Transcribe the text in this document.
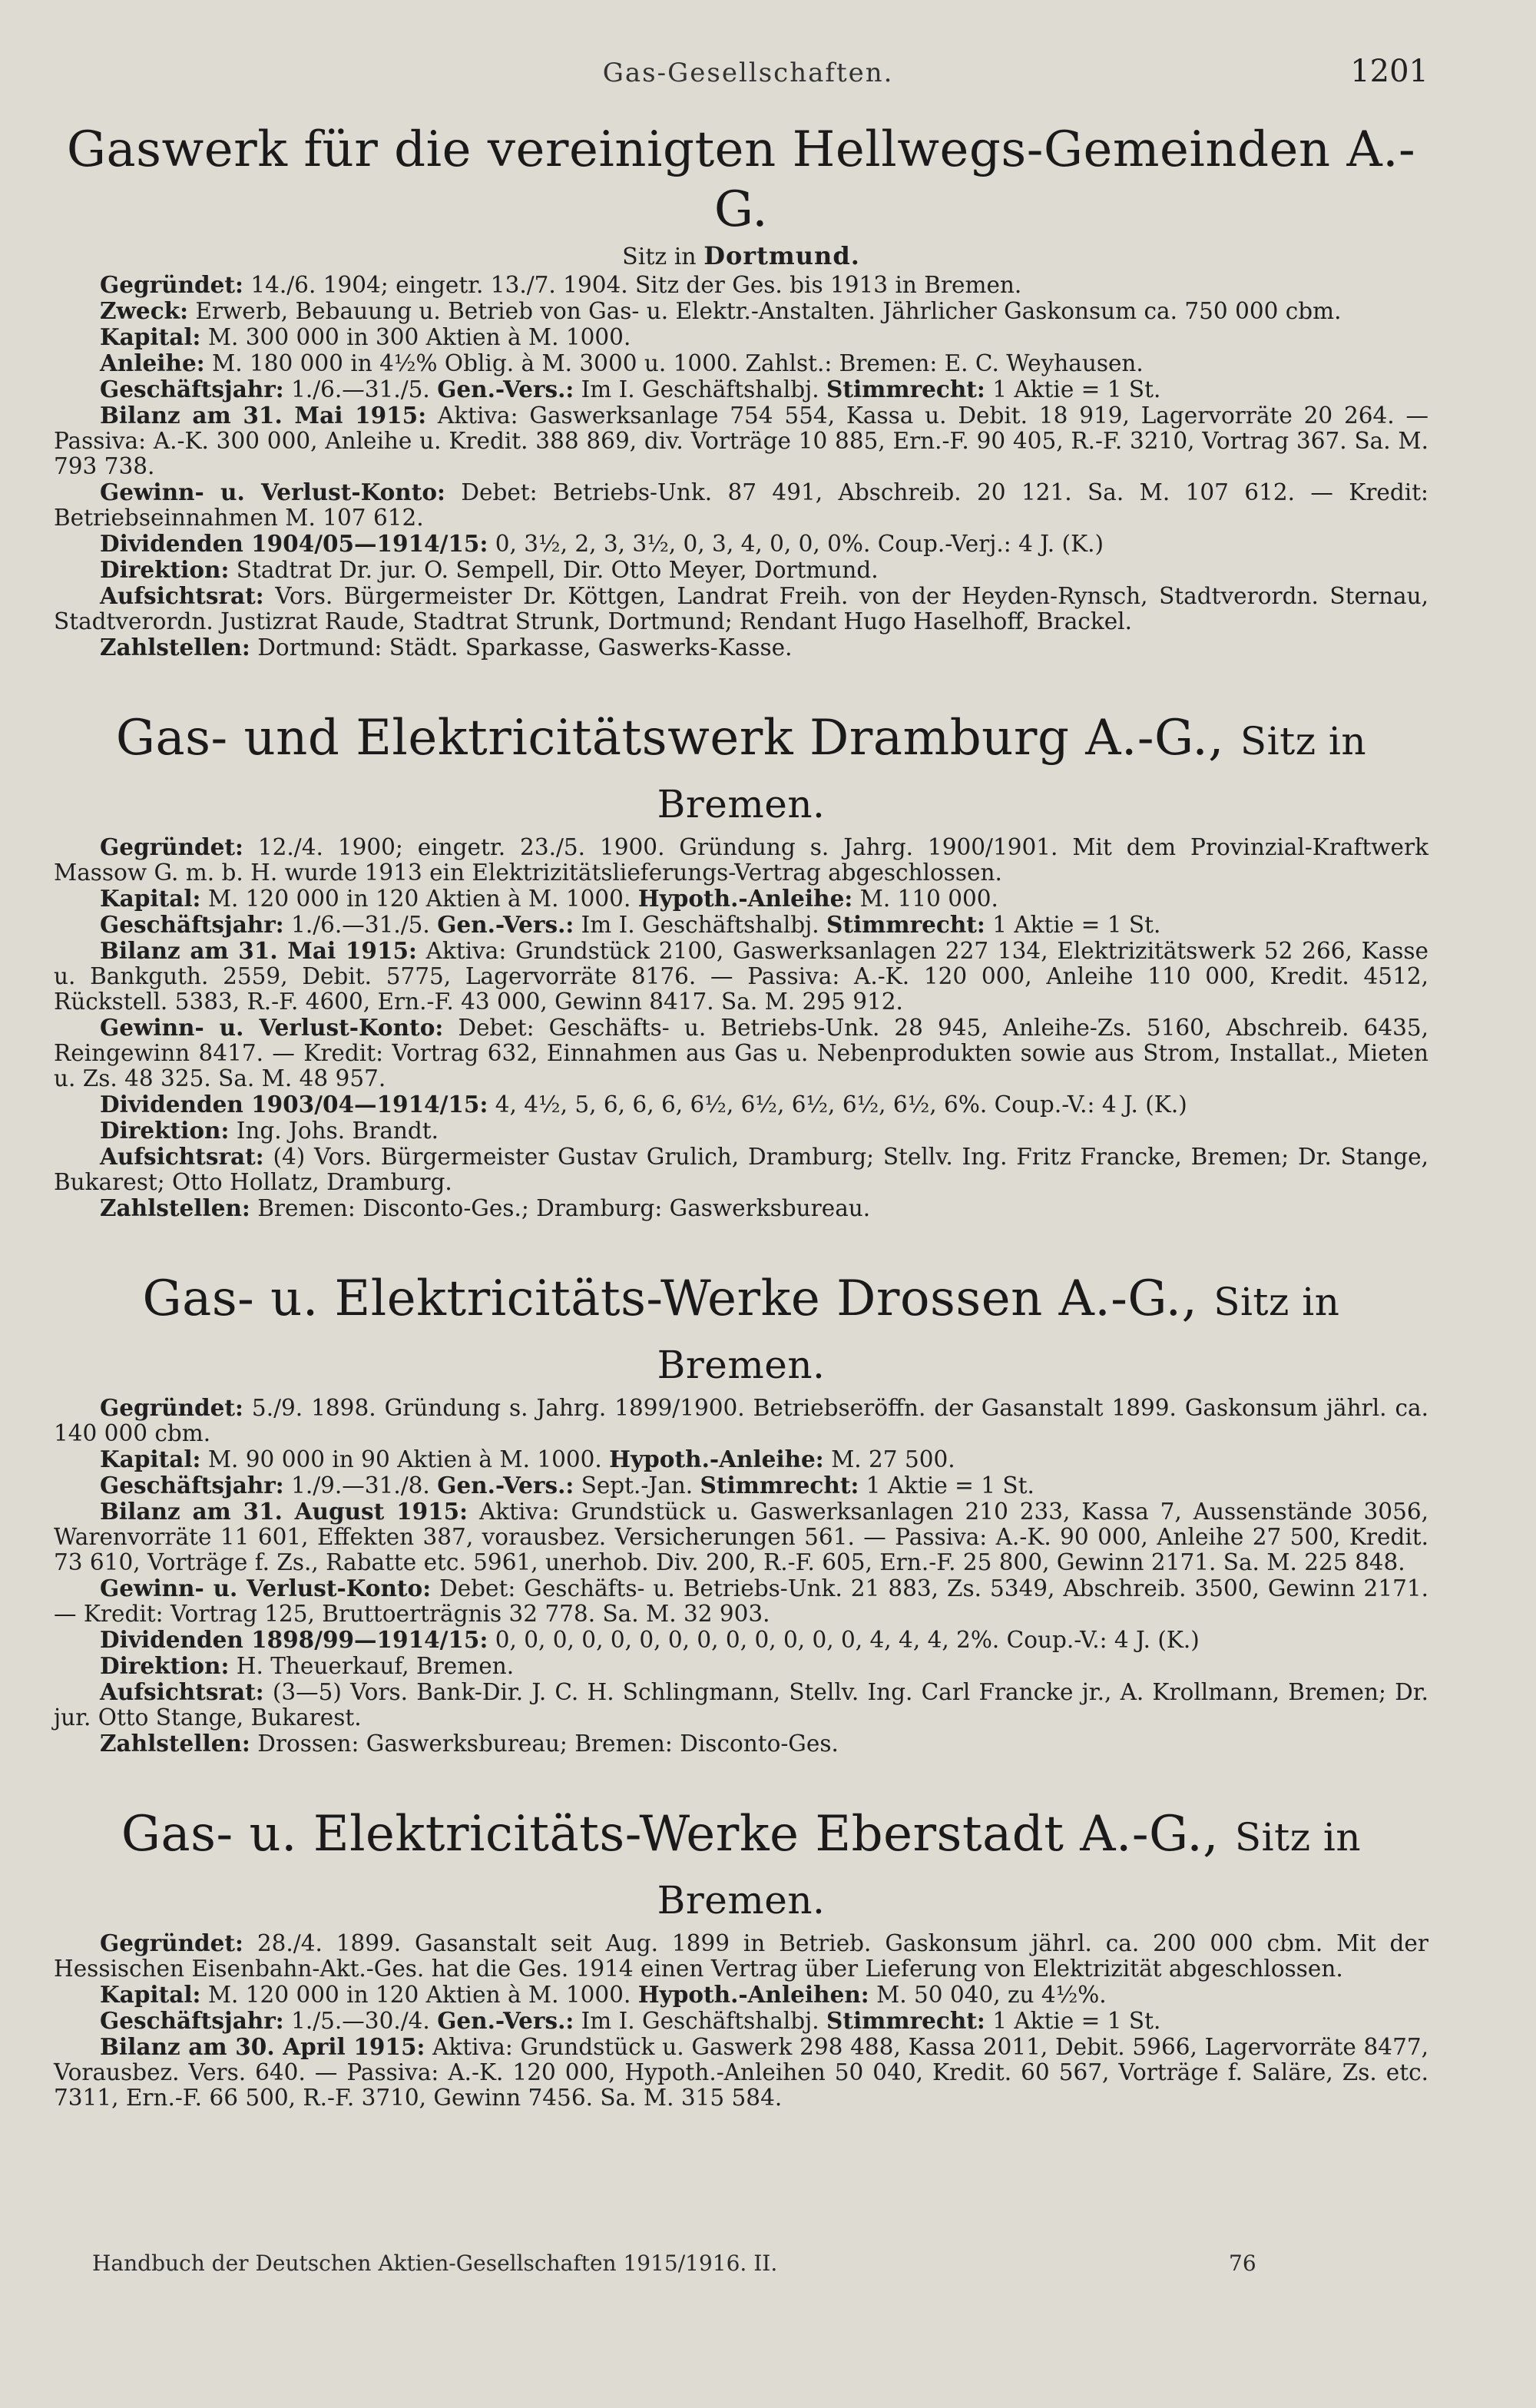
Gas-Gesellschaften.	1201
Gaswerk für die vereinigten Hellwegs-Gemeinden A.-G.
Sitz in Dortmund.

Gegründet: 14./6. 1904; eingetr. 13./7. 1904. Sitz der Ges. bis 1913 in Bremen.

Zweck: Erwerb, Bebauung u. Betrieb von Gas- u. Elektr.-Anstalten. Jährlicher Gaskonsum ca. 750 000 cbm.

Kapital: M. 300 000 in 300 Aktien à M. 1000.

Anleihe: M. 180 000 in 4½% Oblig. à M. 3000 u. 1000. Zahlst.: Bremen: E. C. Weyhausen.

Geschäftsjahr: 1./6.—31./5. Gen.-Vers.: Im I. Geschäftshalbj. Stimmrecht: 1 Aktie = 1 St.

Bilanz am 31. Mai 1915: Aktiva: Gaswerksanlage 754 554, Kassa u. Debit. 18 919, Lagervorräte 20 264. — Passiva: A.-K. 300 000, Anleihe u. Kredit. 388 869, div. Vorträge 10 885, Ern.-F. 90 405, R.-F. 3210, Vortrag 367. Sa. M. 793 738.

Gewinn- u. Verlust-Konto: Debet: Betriebs-Unk. 87 491, Abschreib. 20 121. Sa. M. 107 612. — Kredit: Betriebseinnahmen M. 107 612.

Dividenden 1904/05—1914/15: 0, 3½, 2, 3, 3½, 0, 3, 4, 0, 0, 0%. Coup.-Verj.: 4 J. (K.)

Direktion: Stadtrat Dr. jur. O. Sempell, Dir. Otto Meyer, Dortmund.

Aufsichtsrat: Vors. Bürgermeister Dr. Köttgen, Landrat Freih. von der Heyden-Rynsch, Stadtverordn. Sternau, Stadtverordn. Justizrat Raude, Stadtrat Strunk, Dortmund; Rendant Hugo Haselhoff, Brackel.

Zahlstellen: Dortmund: Städt. Sparkasse, Gaswerks-Kasse.

Gas- und Elektricitätswerk Dramburg A.-G., Sitz in Bremen.

Gegründet: 12./4. 1900; eingetr. 23./5. 1900. Gründung s. Jahrg. 1900/1901. Mit dem Provinzial-Kraftwerk Massow G. m. b. H. wurde 1913 ein Elektrizitätslieferungs-Vertrag abgeschlossen.

Kapital: M. 120 000 in 120 Aktien à M. 1000. Hypoth.-Anleihe: M. 110 000.

Geschäftsjahr: 1./6.—31./5. Gen.-Vers.: Im I. Geschäftshalbj. Stimmrecht: 1 Aktie = 1 St.

Bilanz am 31. Mai 1915: Aktiva: Grundstück 2100, Gaswerksanlagen 227 134, Elektrizitätswerk 52 266, Kasse u. Bankguth. 2559, Debit. 5775, Lagervorräte 8176. — Passiva: A.-K. 120 000, Anleihe 110 000, Kredit. 4512, Rückstell. 5383, R.-F. 4600, Ern.-F. 43 000, Gewinn 8417. Sa. M. 295 912.

Gewinn- u. Verlust-Konto: Debet: Geschäfts- u. Betriebs-Unk. 28 945, Anleihe-Zs. 5160, Abschreib. 6435, Reingewinn 8417. — Kredit: Vortrag 632, Einnahmen aus Gas u. Nebenprodukten sowie aus Strom, Installat., Mieten u. Zs. 48 325. Sa. M. 48 957.

Dividenden 1903/04—1914/15: 4, 4½, 5, 6, 6, 6, 6½, 6½, 6½, 6½, 6½, 6%. Coup.-V.: 4 J. (K.)

Direktion: Ing. Johs. Brandt.

Aufsichtsrat: (4) Vors. Bürgermeister Gustav Grulich, Dramburg; Stellv. Ing. Fritz Francke, Bremen; Dr. Stange, Bukarest; Otto Hollatz, Dramburg.

Zahlstellen: Bremen: Disconto-Ges.; Dramburg: Gaswerksbureau.

Gas- u. Elektricitäts-Werke Drossen A.-G., Sitz in Bremen.

Gegründet: 5./9. 1898. Gründung s. Jahrg. 1899/1900. Betriebseröffn. der Gasanstalt 1899. Gaskonsum jährl. ca. 140 000 cbm.

Kapital: M. 90 000 in 90 Aktien à M. 1000. Hypoth.-Anleihe: M. 27 500.

Geschäftsjahr: 1./9.—31./8. Gen.-Vers.: Sept.-Jan. Stimmrecht: 1 Aktie = 1 St.

Bilanz am 31. August 1915: Aktiva: Grundstück u. Gaswerksanlagen 210 233, Kassa 7, Aussenstände 3056, Warenvorräte 11 601, Effekten 387, vorausbez. Versicherungen 561. — Passiva: A.-K. 90 000, Anleihe 27 500, Kredit. 73 610, Vorträge f. Zs., Rabatte etc. 5961, unerhob. Div. 200, R.-F. 605, Ern.-F. 25 800, Gewinn 2171. Sa. M. 225 848.

Gewinn- u. Verlust-Konto: Debet: Geschäfts- u. Betriebs-Unk. 21 883, Zs. 5349, Abschreib. 3500, Gewinn 2171. — Kredit: Vortrag 125, Bruttoerträgnis 32 778. Sa. M. 32 903.

Dividenden 1898/99—1914/15: 0, 0, 0, 0, 0, 0, 0, 0, 0, 0, 0, 0, 0, 4, 4, 4, 2%. Coup.-V.: 4 J. (K.)

Direktion: H. Theuerkauf, Bremen.

Aufsichtsrat: (3—5) Vors. Bank-Dir. J. C. H. Schlingmann, Stellv. Ing. Carl Francke jr., A. Krollmann, Bremen; Dr. jur. Otto Stange, Bukarest.

Zahlstellen: Drossen: Gaswerksbureau; Bremen: Disconto-Ges.

Gas- u. Elektricitäts-Werke Eberstadt A.-G., Sitz in Bremen.

Gegründet: 28./4. 1899. Gasanstalt seit Aug. 1899 in Betrieb. Gaskonsum jährl. ca. 200 000 cbm. Mit der Hessischen Eisenbahn-Akt.-Ges. hat die Ges. 1914 einen Vertrag über Lieferung von Elektrizität abgeschlossen.

Kapital: M. 120 000 in 120 Aktien à M. 1000. Hypoth.-Anleihen: M. 50 040, zu 4½%.

Geschäftsjahr: 1./5.—30./4. Gen.-Vers.: Im I. Geschäftshalbj. Stimmrecht: 1 Aktie = 1 St.

Bilanz am 30. April 1915: Aktiva: Grundstück u. Gaswerk 298 488, Kassa 2011, Debit. 5966, Lagervorräte 8477, Vorausbez. Vers. 640. — Passiva: A.-K. 120 000, Hypoth.-Anleihen 50 040, Kredit. 60 567, Vorträge f. Saläre, Zs. etc. 7311, Ern.-F. 66 500, R.-F. 3710, Gewinn 7456. Sa. M. 315 584.

Handbuch der Deutschen Aktien-Gesellschaften 1915/1916. II.	76
